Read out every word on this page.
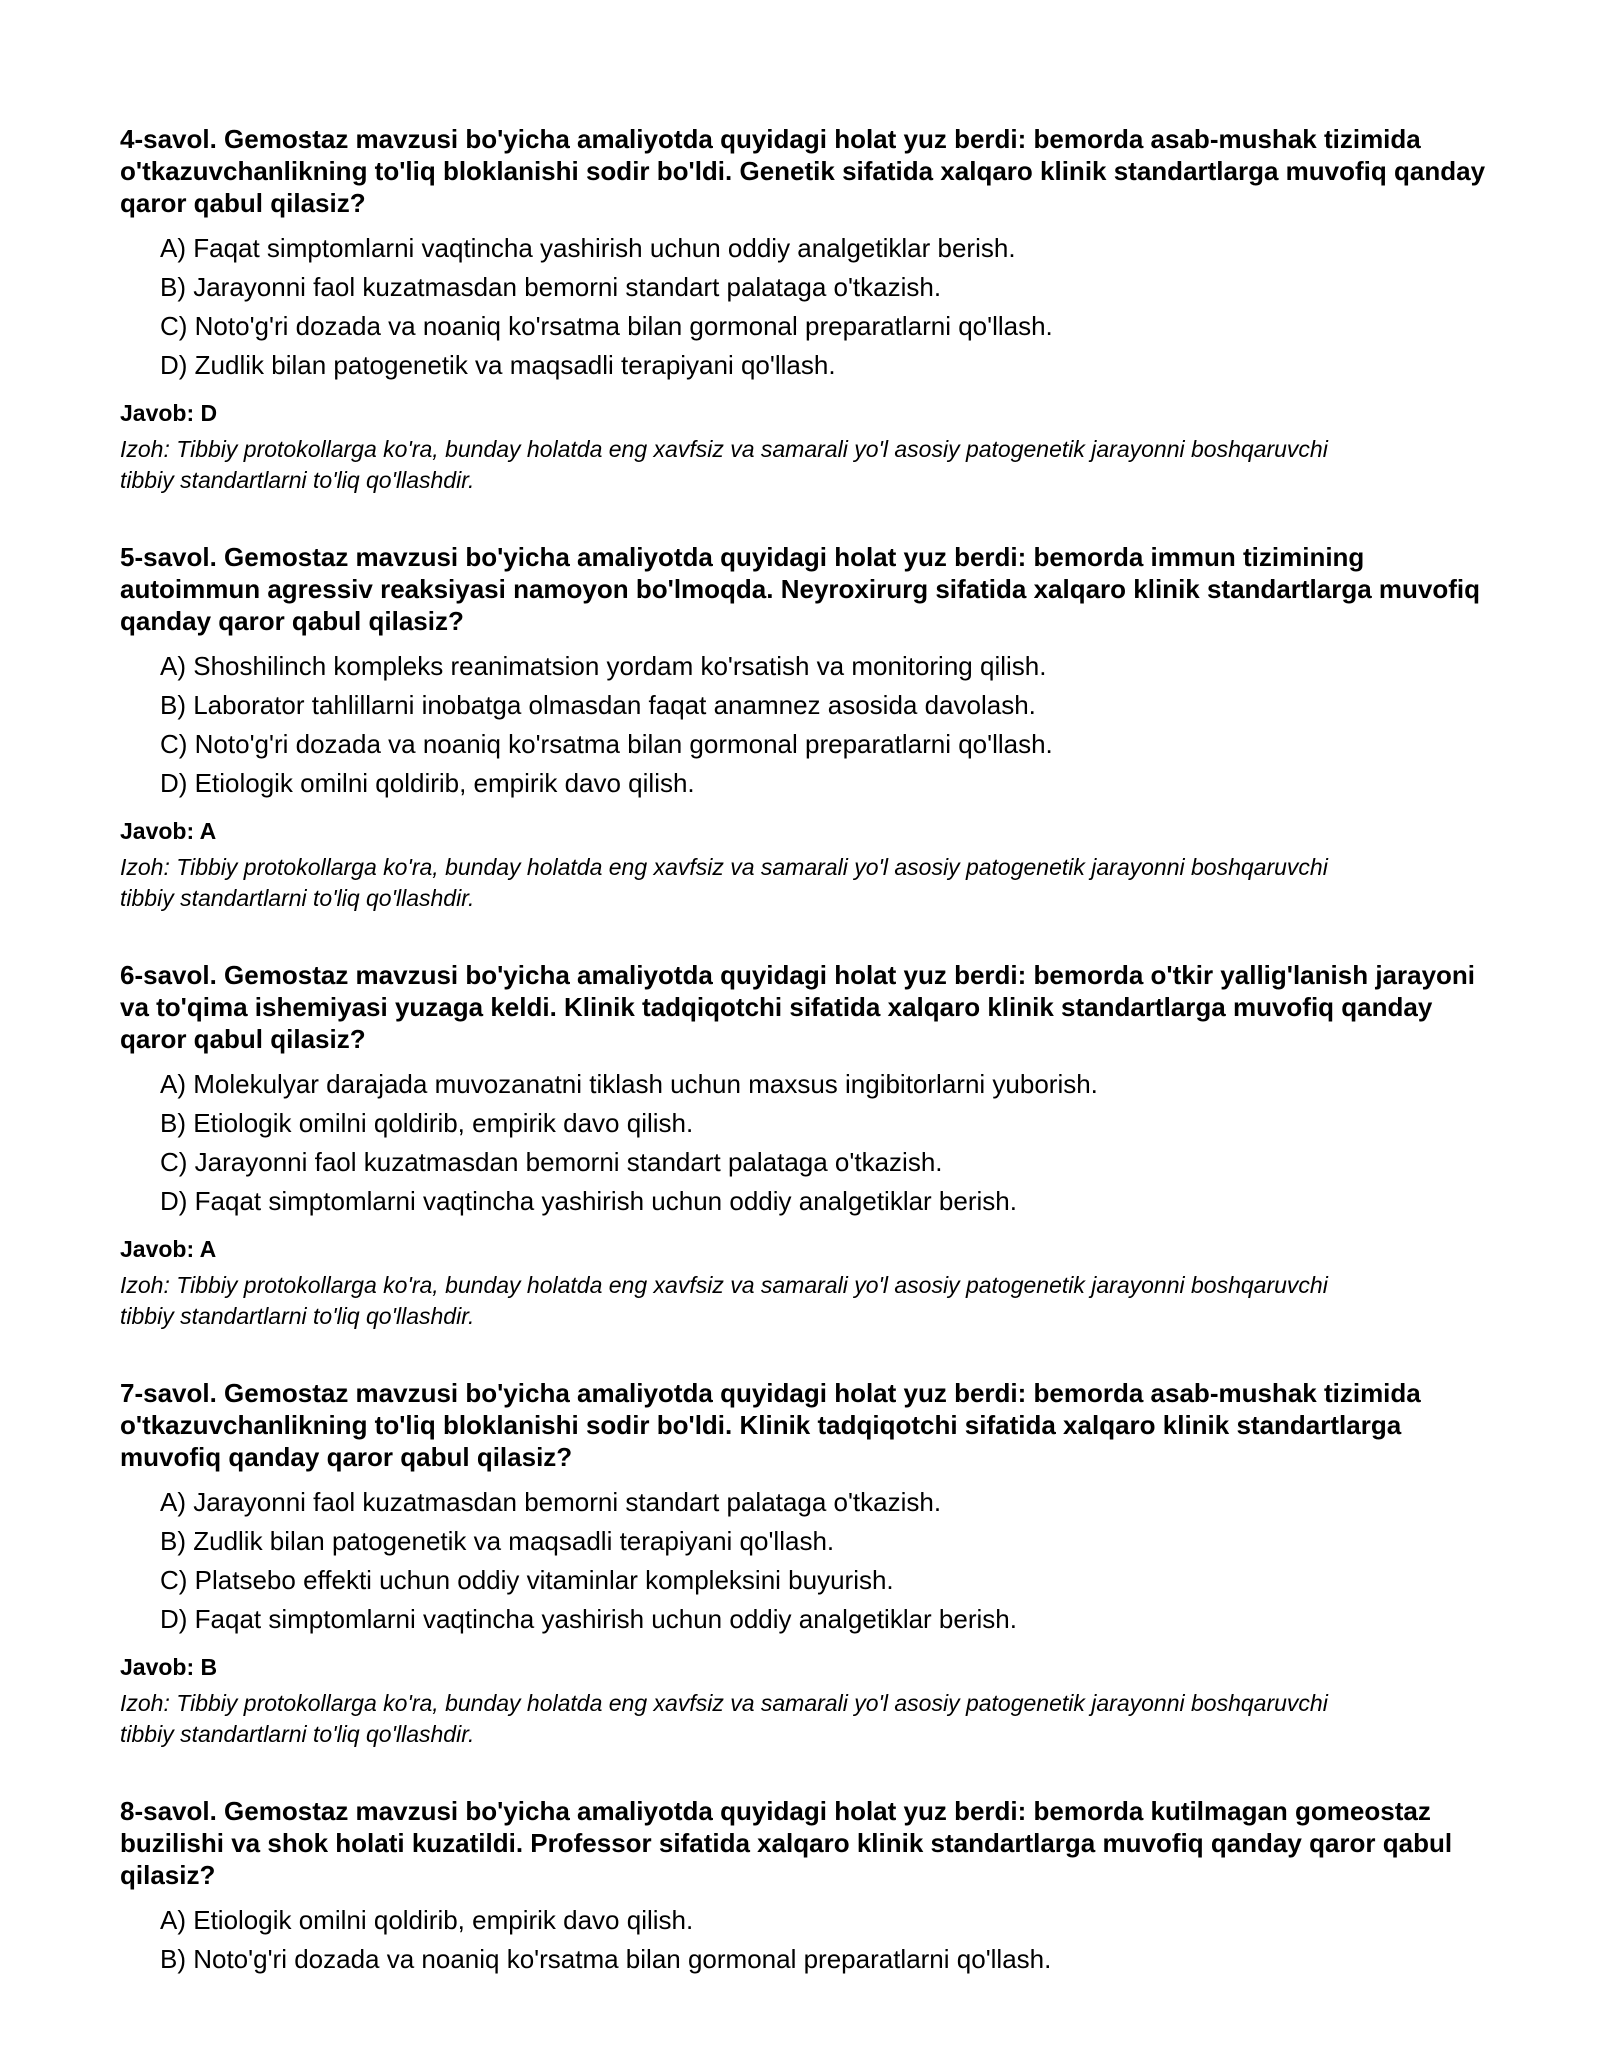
4-savol. Gemostaz mavzusi bo'yicha amaliyotda quyidagi holat yuz berdi: bemorda asab-mushak tizimida o'tkazuvchanlikning to'liq bloklanishi sodir bo'ldi. Genetik sifatida xalqaro klinik standartlarga muvofiq qanday qaror qabul qilasiz?
A) Faqat simptomlarni vaqtincha yashirish uchun oddiy analgetiklar berish.
B) Jarayonni faol kuzatmasdan bemorni standart palataga o'tkazish.
C) Noto'g'ri dozada va noaniq ko'rsatma bilan gormonal preparatlarni qo'llash.
D) Zudlik bilan patogenetik va maqsadli terapiyani qo'llash.
Javob: D
Izoh: Tibbiy protokollarga ko'ra, bunday holatda eng xavfsiz va samarali yo'l asosiy patogenetik jarayonni boshqaruvchi tibbiy standartlarni to'liq qo'llashdir.
5-savol. Gemostaz mavzusi bo'yicha amaliyotda quyidagi holat yuz berdi: bemorda immun tizimining autoimmun agressiv reaksiyasi namoyon bo'lmoqda. Neyroxirurg sifatida xalqaro klinik standartlarga muvofiq qanday qaror qabul qilasiz?
A) Shoshilinch kompleks reanimatsion yordam ko'rsatish va monitoring qilish.
B) Laborator tahlillarni inobatga olmasdan faqat anamnez asosida davolash.
C) Noto'g'ri dozada va noaniq ko'rsatma bilan gormonal preparatlarni qo'llash.
D) Etiologik omilni qoldirib, empirik davo qilish.
Javob: A
Izoh: Tibbiy protokollarga ko'ra, bunday holatda eng xavfsiz va samarali yo'l asosiy patogenetik jarayonni boshqaruvchi tibbiy standartlarni to'liq qo'llashdir.
6-savol. Gemostaz mavzusi bo'yicha amaliyotda quyidagi holat yuz berdi: bemorda o'tkir yallig'lanish jarayoni va to'qima ishemiyasi yuzaga keldi. Klinik tadqiqotchi sifatida xalqaro klinik standartlarga muvofiq qanday qaror qabul qilasiz?
A) Molekulyar darajada muvozanatni tiklash uchun maxsus ingibitorlarni yuborish.
B) Etiologik omilni qoldirib, empirik davo qilish.
C) Jarayonni faol kuzatmasdan bemorni standart palataga o'tkazish.
D) Faqat simptomlarni vaqtincha yashirish uchun oddiy analgetiklar berish.
Javob: A
Izoh: Tibbiy protokollarga ko'ra, bunday holatda eng xavfsiz va samarali yo'l asosiy patogenetik jarayonni boshqaruvchi tibbiy standartlarni to'liq qo'llashdir.
7-savol. Gemostaz mavzusi bo'yicha amaliyotda quyidagi holat yuz berdi: bemorda asab-mushak tizimida o'tkazuvchanlikning to'liq bloklanishi sodir bo'ldi. Klinik tadqiqotchi sifatida xalqaro klinik standartlarga muvofiq qanday qaror qabul qilasiz?
A) Jarayonni faol kuzatmasdan bemorni standart palataga o'tkazish.
B) Zudlik bilan patogenetik va maqsadli terapiyani qo'llash.
C) Platsebo effekti uchun oddiy vitaminlar kompleksini buyurish.
D) Faqat simptomlarni vaqtincha yashirish uchun oddiy analgetiklar berish.
Javob: B
Izoh: Tibbiy protokollarga ko'ra, bunday holatda eng xavfsiz va samarali yo'l asosiy patogenetik jarayonni boshqaruvchi tibbiy standartlarni to'liq qo'llashdir.
8-savol. Gemostaz mavzusi bo'yicha amaliyotda quyidagi holat yuz berdi: bemorda kutilmagan gomeostaz buzilishi va shok holati kuzatildi. Professor sifatida xalqaro klinik standartlarga muvofiq qanday qaror qabul qilasiz?
A) Etiologik omilni qoldirib, empirik davo qilish.
B) Noto'g'ri dozada va noaniq ko'rsatma bilan gormonal preparatlarni qo'llash.
